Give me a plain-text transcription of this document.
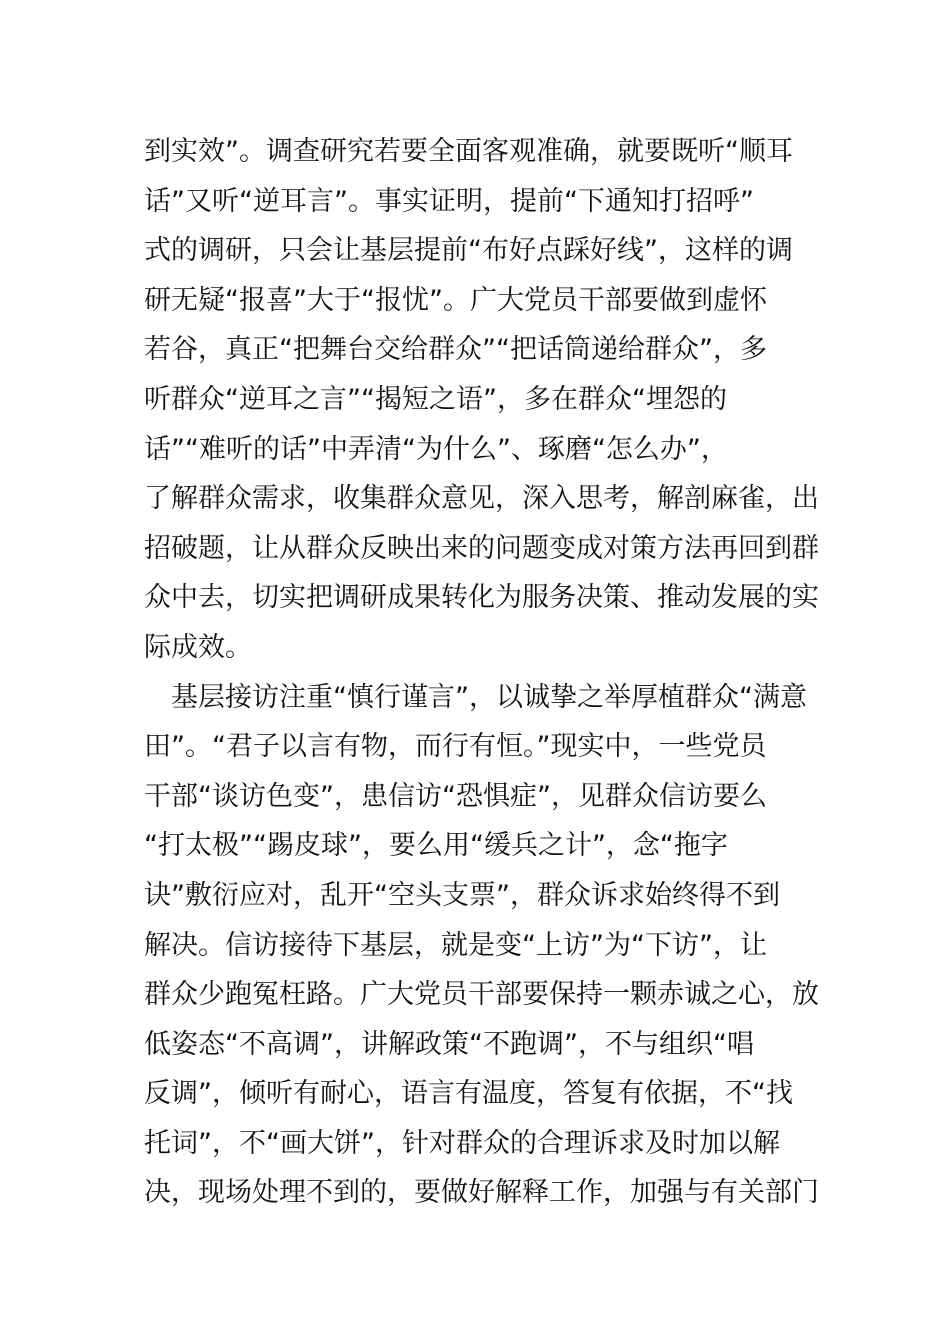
到实效”。调查研究若要全面客观准确，就要既听“顺耳
话”又听“逆耳言”。事实证明，提前“下通知打招呼”
式的调研，只会让基层提前“布好点踩好线”，这样的调
研无疑“报喜”大于“报忧”。广大党员干部要做到虚怀
若谷，真正“把舞台交给群众”“把话筒递给群众”，多
听群众“逆耳之言”“揭短之语”，多在群众“埋怨的
话”“难听的话”中弄清“为什么”、琢磨“怎么办”，
了解群众需求，收集群众意见，深入思考，解剖麻雀，出
招破题，让从群众反映出来的问题变成对策方法再回到群
众中去，切实把调研成果转化为服务决策、推动发展的实
际成效。
基层接访注重“慎行谨言”，以诚挚之举厚植群众“满意
田”。“君子以言有物，而行有恒。”现实中，一些党员
干部“谈访色变”，患信访“恐惧症”，见群众信访要么
“打太极”“踢皮球”，要么用“缓兵之计”，念“拖字
诀”敷衍应对，乱开“空头支票”，群众诉求始终得不到
解决。信访接待下基层，就是变“上访”为“下访”，让
群众少跑冤枉路。广大党员干部要保持一颗赤诚之心，放
低姿态“不高调”，讲解政策“不跑调”，不与组织“唱
反调”，倾听有耐心，语言有温度，答复有依据，不“找
托词”，不“画大饼”，针对群众的合理诉求及时加以解
决，现场处理不到的，要做好解释工作，加强与有关部门
